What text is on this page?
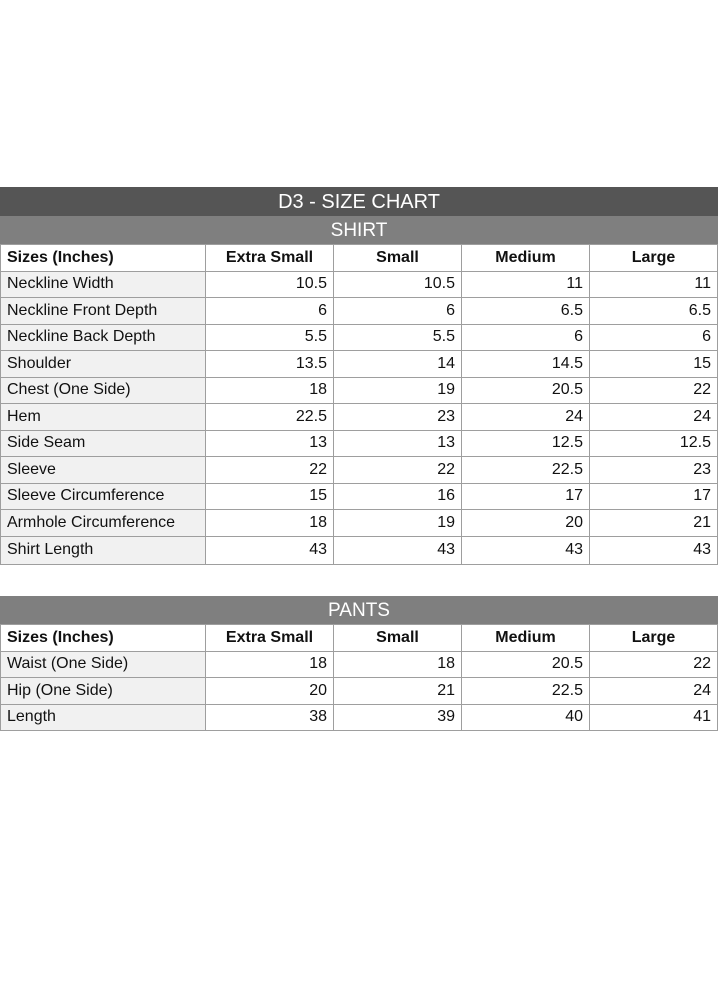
D3 - SIZE CHART
SHIRT
Sizes (Inches)	Extra Small	Small	Medium	Large
Neckline Width	10.5	10.5	11	11
Neckline Front Depth	6	6	6.5	6.5
Neckline Back Depth	5.5	5.5	6	6
Shoulder	13.5	14	14.5	15
Chest (One Side)	18	19	20.5	22
Hem	22.5	23	24	24
Side Seam	13	13	12.5	12.5
Sleeve	22	22	22.5	23
Sleeve Circumference	15	16	17	17
Armhole Circumference	18	19	20	21
Shirt Length	43	43	43	43
PANTS
Sizes (Inches)	Extra Small	Small	Medium	Large
Waist (One Side)	18	18	20.5	22
Hip (One Side)	20	21	22.5	24
Length	38	39	40	41
